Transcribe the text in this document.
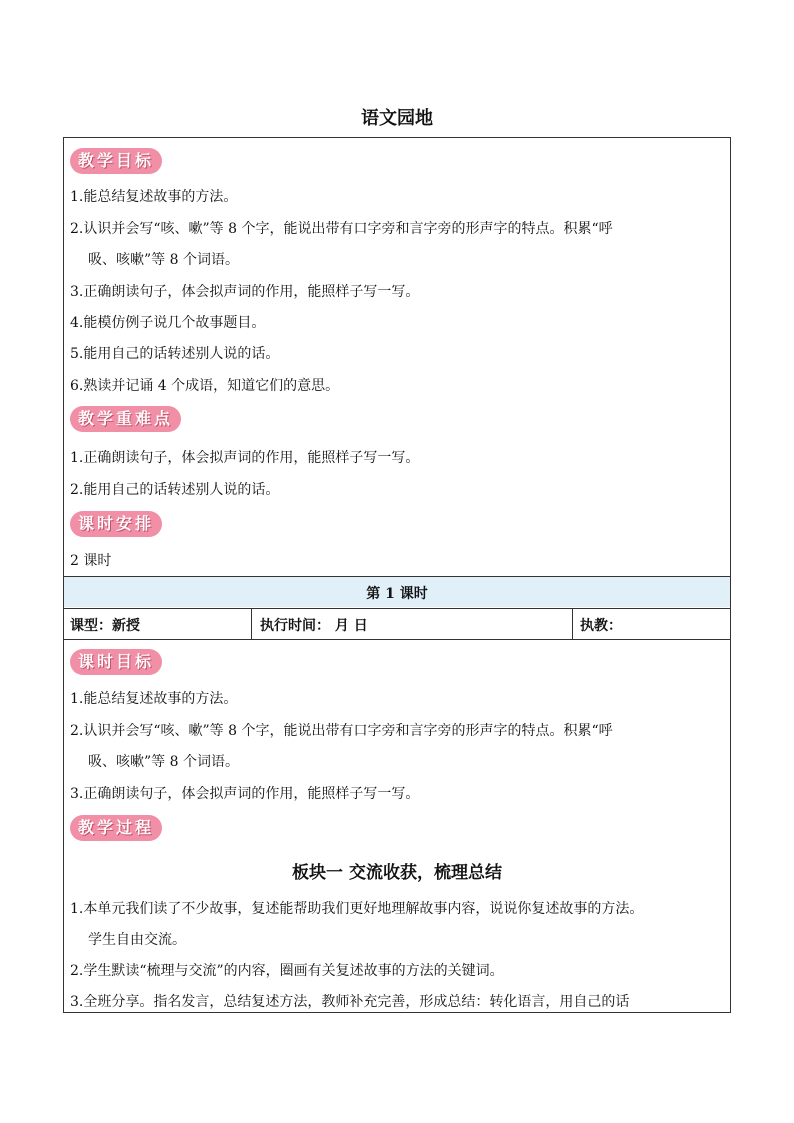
语文园地
教学目标
1.能总结复述故事的方法。
2.认识并会写“咳、嗽”等 8 个字，能说出带有口字旁和言字旁的形声字的特点。积累“呼
吸、咳嗽”等 8 个词语。
3.正确朗读句子，体会拟声词的作用，能照样子写一写。
4.能模仿例子说几个故事题目。
5.能用自己的话转述别人说的话。
6.熟读并记诵 4 个成语，知道它们的意思。
教学重难点
1.正确朗读句子，体会拟声词的作用，能照样子写一写。
2.能用自己的话转述别人说的话。
课时安排
2 课时
第 1 课时
课型：新授	执行时间： 月 日	执教：
课时目标
1.能总结复述故事的方法。
2.认识并会写“咳、嗽”等 8 个字，能说出带有口字旁和言字旁的形声字的特点。积累“呼
吸、咳嗽”等 8 个词语。
3.正确朗读句子，体会拟声词的作用，能照样子写一写。
教学过程
板块一 交流收获，梳理总结
1.本单元我们读了不少故事，复述能帮助我们更好地理解故事内容，说说你复述故事的方法。
学生自由交流。
2.学生默读“梳理与交流”的内容，圈画有关复述故事的方法的关键词。
3.全班分享。指名发言，总结复述方法，教师补充完善，形成总结：转化语言，用自己的话
